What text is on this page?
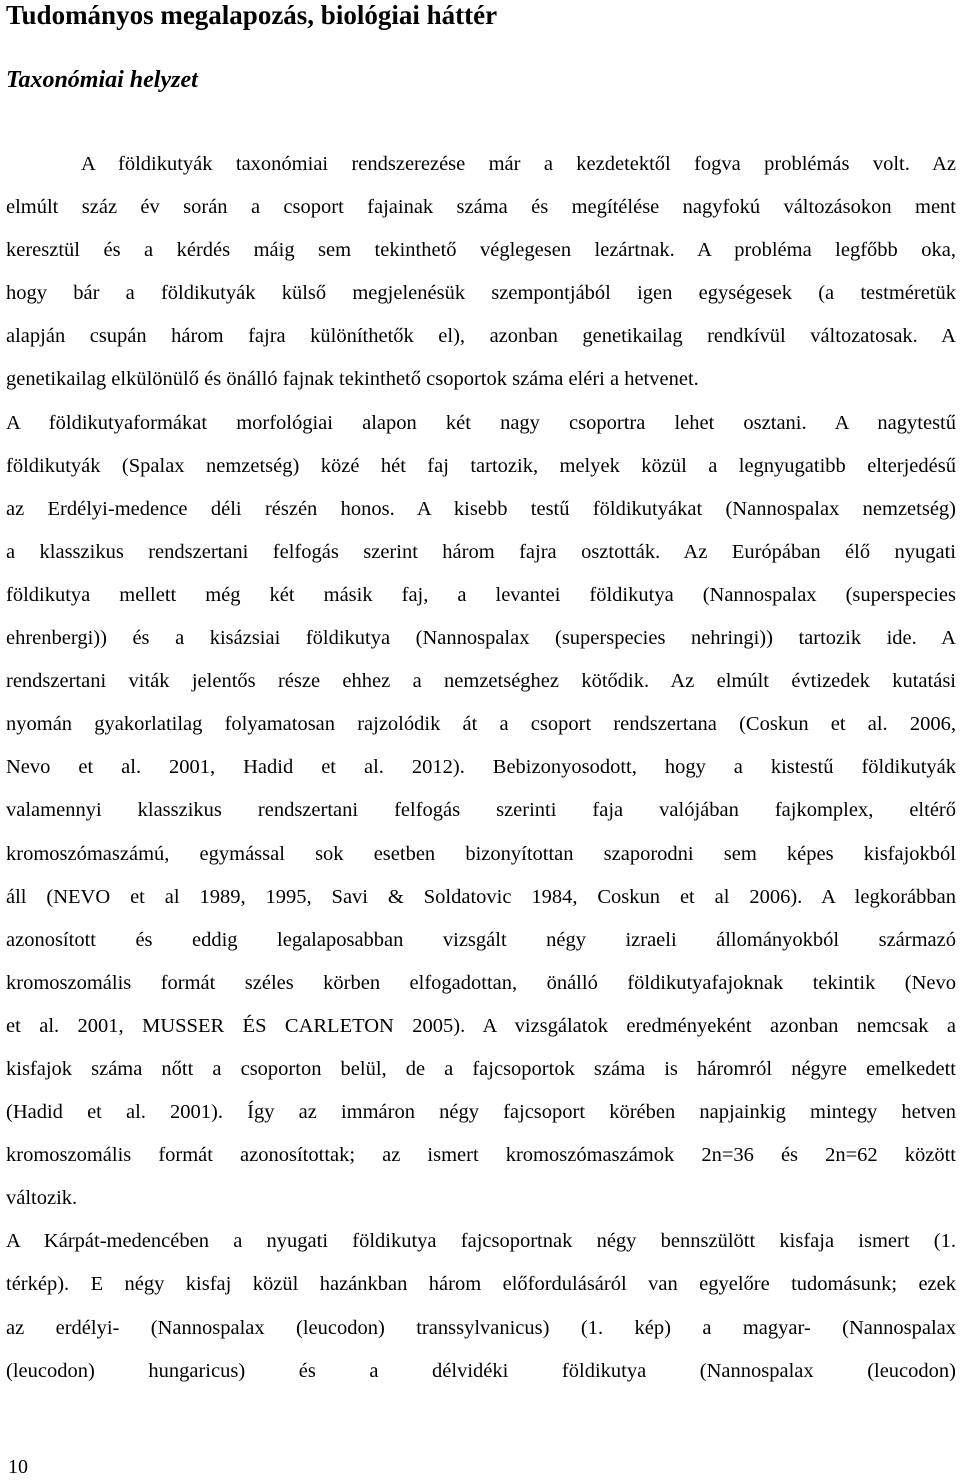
Tudományos megalapozás, biológiai háttér
Taxonómiai helyzet
A földikutyák taxonómiai rendszerezése már a kezdetektől fogva problémás volt. Az
elmúlt száz év során a csoport fajainak száma és megítélése nagyfokú változásokon ment
keresztül és a kérdés máig sem tekinthető véglegesen lezártnak. A probléma legfőbb oka,
hogy bár a földikutyák külső megjelenésük szempontjából igen egységesek (a testméretük
alapján csupán három fajra különíthetők el), azonban genetikailag rendkívül változatosak. A
genetikailag elkülönülő és önálló fajnak tekinthető csoportok száma eléri a hetvenet.
A földikutyaformákat morfológiai alapon két nagy csoportra lehet osztani. A nagytestű
földikutyák (Spalax nemzetség) közé hét faj tartozik, melyek közül a legnyugatibb elterjedésű
az Erdélyi-medence déli részén honos. A kisebb testű földikutyákat (Nannospalax nemzetség)
a klasszikus rendszertani felfogás szerint három fajra osztották. Az Európában élő nyugati
földikutya mellett még két másik faj, a levantei földikutya (Nannospalax (superspecies
ehrenbergi)) és a kisázsiai földikutya (Nannospalax (superspecies nehringi)) tartozik ide. A
rendszertani viták jelentős része ehhez a nemzetséghez kötődik. Az elmúlt évtizedek kutatási
nyomán gyakorlatilag folyamatosan rajzolódik át a csoport rendszertana (Coskun et al. 2006,
Nevo et al. 2001, Hadid et al. 2012). Bebizonyosodott, hogy a kistestű földikutyák
valamennyi klasszikus rendszertani felfogás szerinti faja valójában fajkomplex, eltérő
kromoszómaszámú, egymással sok esetben bizonyítottan szaporodni sem képes kisfajokból
áll (NEVO et al 1989, 1995, Savi & Soldatovic 1984, Coskun et al 2006). A legkorábban
azonosított és eddig legalaposabban vizsgált négy izraeli állományokból származó
kromoszomális formát széles körben elfogadottan, önálló földikutyafajoknak tekintik (Nevo
et al. 2001, MUSSER ÉS CARLETON 2005). A vizsgálatok eredményeként azonban nemcsak a
kisfajok száma nőtt a csoporton belül, de a fajcsoportok száma is háromról négyre emelkedett
(Hadid et al. 2001). Így az immáron négy fajcsoport körében napjainkig mintegy hetven
kromoszomális formát azonosítottak; az ismert kromoszómaszámok 2n=36 és 2n=62 között
változik.
A Kárpát-medencében a nyugati földikutya fajcsoportnak négy bennszülött kisfaja ismert (1.
térkép). E négy kisfaj közül hazánkban három előfordulásáról van egyelőre tudomásunk; ezek
az erdélyi- (Nannospalax (leucodon) transsylvanicus) (1. kép) a magyar- (Nannospalax
(leucodon) hungaricus) és a délvidéki földikutya (Nannospalax (leucodon)
10
